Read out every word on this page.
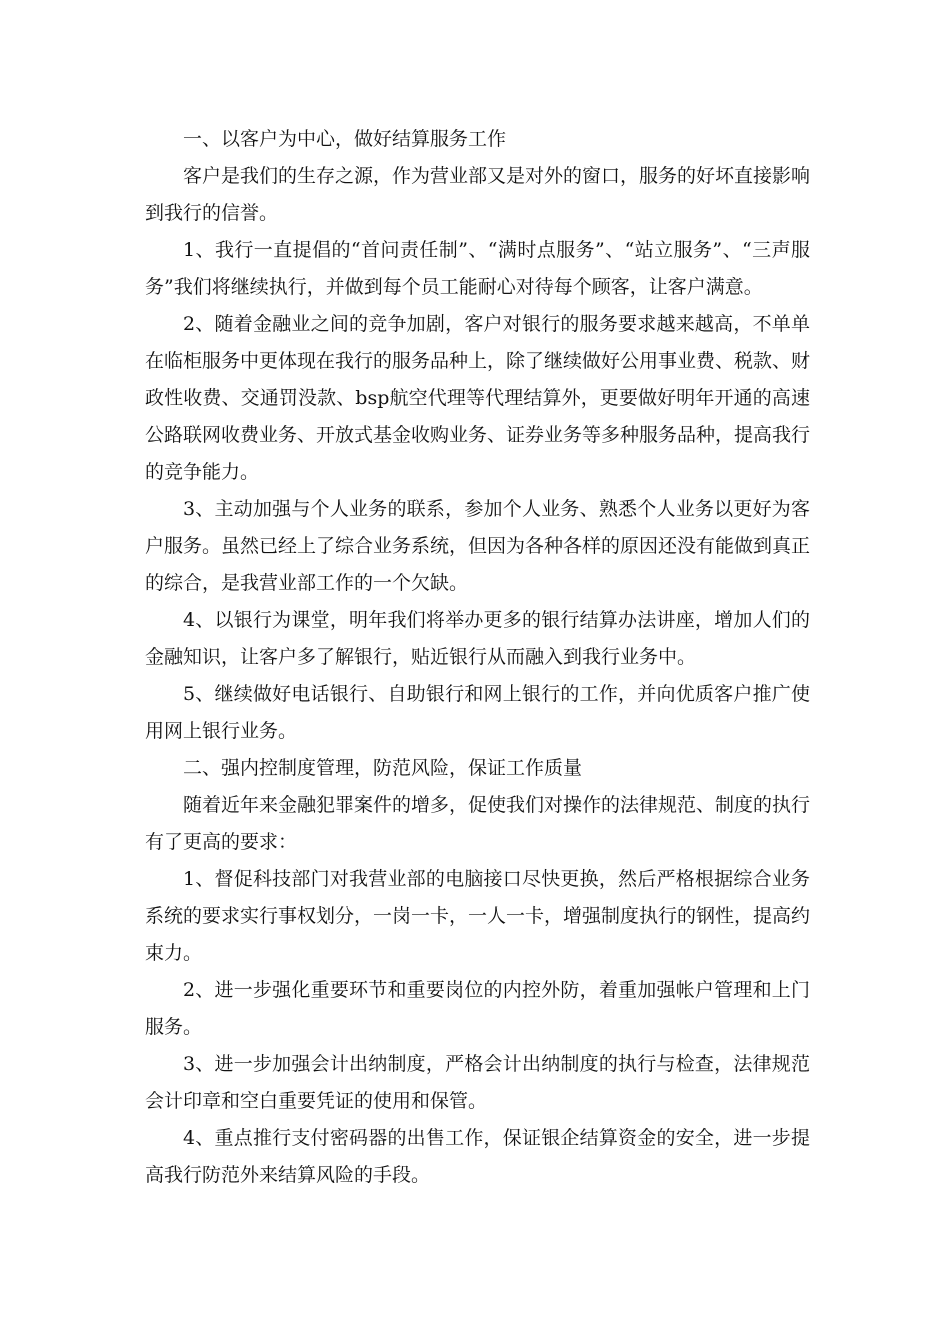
一、以客户为中心，做好结算服务工作

客户是我们的生存之源，作为营业部又是对外的窗口，服务的好坏直接影响到我行的信誉。

1、我行一直提倡的“首问责任制”、“满时点服务”、“站立服务”、“三声服务”我们将继续执行，并做到每个员工能耐心对待每个顾客，让客户满意。

2、随着金融业之间的竞争加剧，客户对银行的服务要求越来越高，不单单在临柜服务中更体现在我行的服务品种上，除了继续做好公用事业费、税款、财政性收费、交通罚没款、bsp航空代理等代理结算外，更要做好明年开通的高速公路联网收费业务、开放式基金收购业务、证券业务等多种服务品种，提高我行的竞争能力。

3、主动加强与个人业务的联系，参加个人业务、熟悉个人业务以更好为客户服务。虽然已经上了综合业务系统，但因为各种各样的原因还没有能做到真正的综合，是我营业部工作的一个欠缺。

4、以银行为课堂，明年我们将举办更多的银行结算办法讲座，增加人们的金融知识，让客户多了解银行，贴近银行从而融入到我行业务中。

5、继续做好电话银行、自助银行和网上银行的工作，并向优质客户推广使用网上银行业务。

二、强内控制度管理，防范风险，保证工作质量

随着近年来金融犯罪案件的增多，促使我们对操作的法律规范、制度的执行有了更高的要求：

1、督促科技部门对我营业部的电脑接口尽快更换，然后严格根据综合业务系统的要求实行事权划分，一岗一卡，一人一卡，增强制度执行的钢性，提高约束力。

2、进一步强化重要环节和重要岗位的内控外防，着重加强帐户管理和上门服务。

3、进一步加强会计出纳制度，严格会计出纳制度的执行与检查，法律规范会计印章和空白重要凭证的使用和保管。

4、重点推行支付密码器的出售工作，保证银企结算资金的安全，进一步提高我行防范外来结算风险的手段。
